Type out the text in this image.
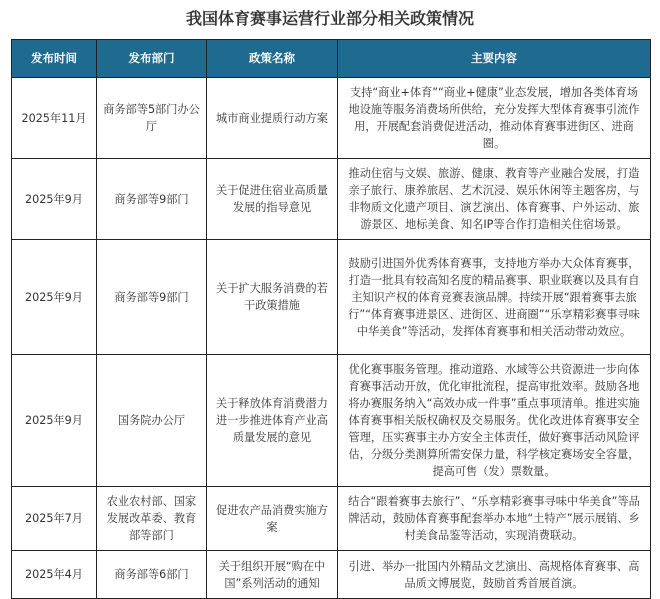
我国体育赛事运营行业部分相关政策情况
发布时间	发布部门	政策名称	主要内容
2025年11月	商务部等5部门办公厅	城市商业提质行动方案	支持“商业+体育”“商业+健康”业态发展，增加各类体育场地设施等服务消费场所供给，充分发挥大型体育赛事引流作用，开展配套消费促进活动，推动体育赛事进街区、进商圈。
2025年9月	商务部等9部门	关于促进住宿业高质量发展的指导意见	推动住宿与文娱、旅游、健康、教育等产业融合发展，打造亲子旅行、康养旅居、艺术沉浸、娱乐休闲等主题客房，与非物质文化遗产项目、演艺演出、体育赛事、户外运动、旅游景区、地标美食、知名IP等合作打造相关住宿场景。
2025年9月	商务部等9部门	关于扩大服务消费的若干政策措施	鼓励引进国外优秀体育赛事，支持地方举办大众体育赛事，打造一批具有较高知名度的精品赛事、职业联赛以及具有自主知识产权的体育竞赛表演品牌。持续开展“跟着赛事去旅行”“体育赛事进景区、进街区、进商圈”“乐享精彩赛事寻味中华美食”等活动，发挥体育赛事和相关活动带动效应。
2025年9月	国务院办公厅	关于释放体育消费潜力进一步推进体育产业高质量发展的意见	优化赛事服务管理。推动道路、水域等公共资源进一步向体育赛事活动开放，优化审批流程，提高审批效率。鼓励各地将办赛服务纳入“高效办成一件事”重点事项清单。推进实施体育赛事相关版权确权及交易服务。优化改进体育赛事安全管理，压实赛事主办方安全主体责任，做好赛事活动风险评估，分级分类测算所需安保力量，科学核定赛场安全容量，提高可售（发）票数量。
2025年7月	农业农村部、国家发展改革委、教育部等部门	促进农产品消费实施方案	结合“跟着赛事去旅行”、“乐享精彩赛事寻味中华美食”等品牌活动，鼓励体育赛事配套举办本地“土特产”展示展销、乡村美食品鉴等活动，实现消费联动。
2025年4月	商务部等6部门	关于组织开展“购在中国”系列活动的通知	引进、举办一批国内外精品文艺演出、高规格体育赛事、高品质文博展览，鼓励首秀首展首演。
